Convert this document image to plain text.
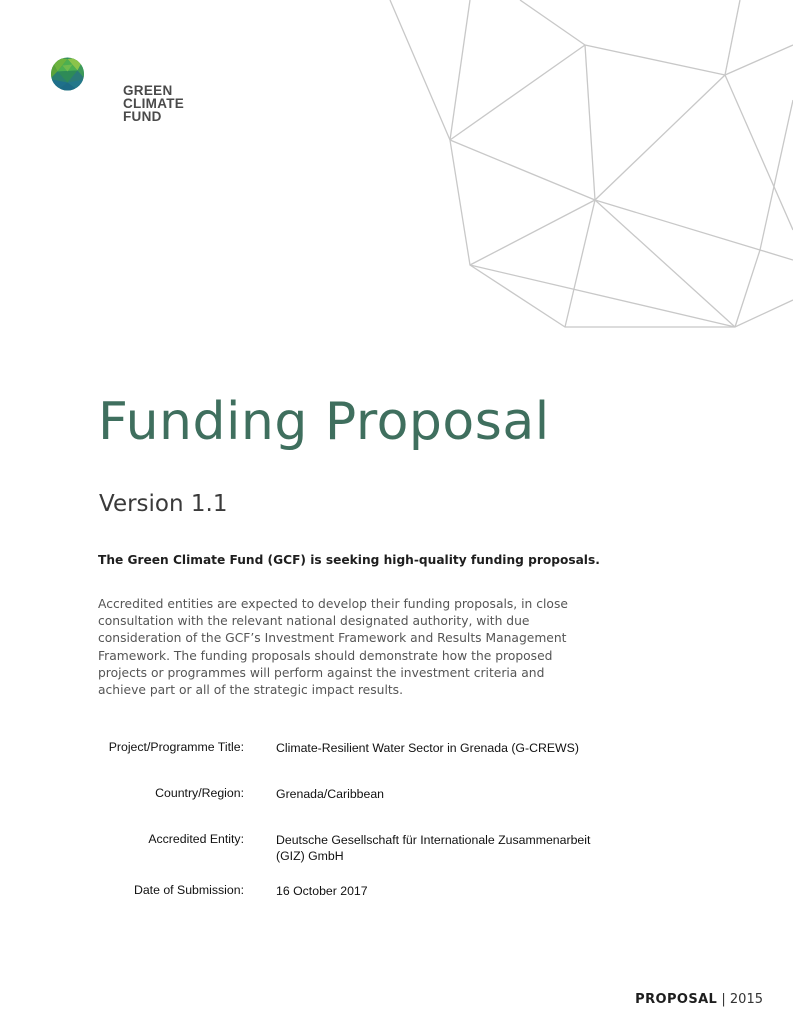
GREEN
CLIMATE
FUND
Funding Proposal
Version 1.1
The Green Climate Fund (GCF) is seeking high-quality funding proposals.
Accredited entities are expected to develop their funding proposals, in close
consultation with the relevant national designated authority, with due
consideration of the GCF’s Investment Framework and Results Management
Framework. The funding proposals should demonstrate how the proposed
projects or programmes will perform against the investment criteria and
achieve part or all of the strategic impact results.
Project/Programme Title:	Climate-Resilient Water Sector in Grenada (G-CREWS)
Country/Region:	Grenada/Caribbean
Accredited Entity:	Deutsche Gesellschaft für Internationale Zusammenarbeit
(GIZ) GmbH
Date of Submission:	16 October 2017
PROPOSAL | 2015
